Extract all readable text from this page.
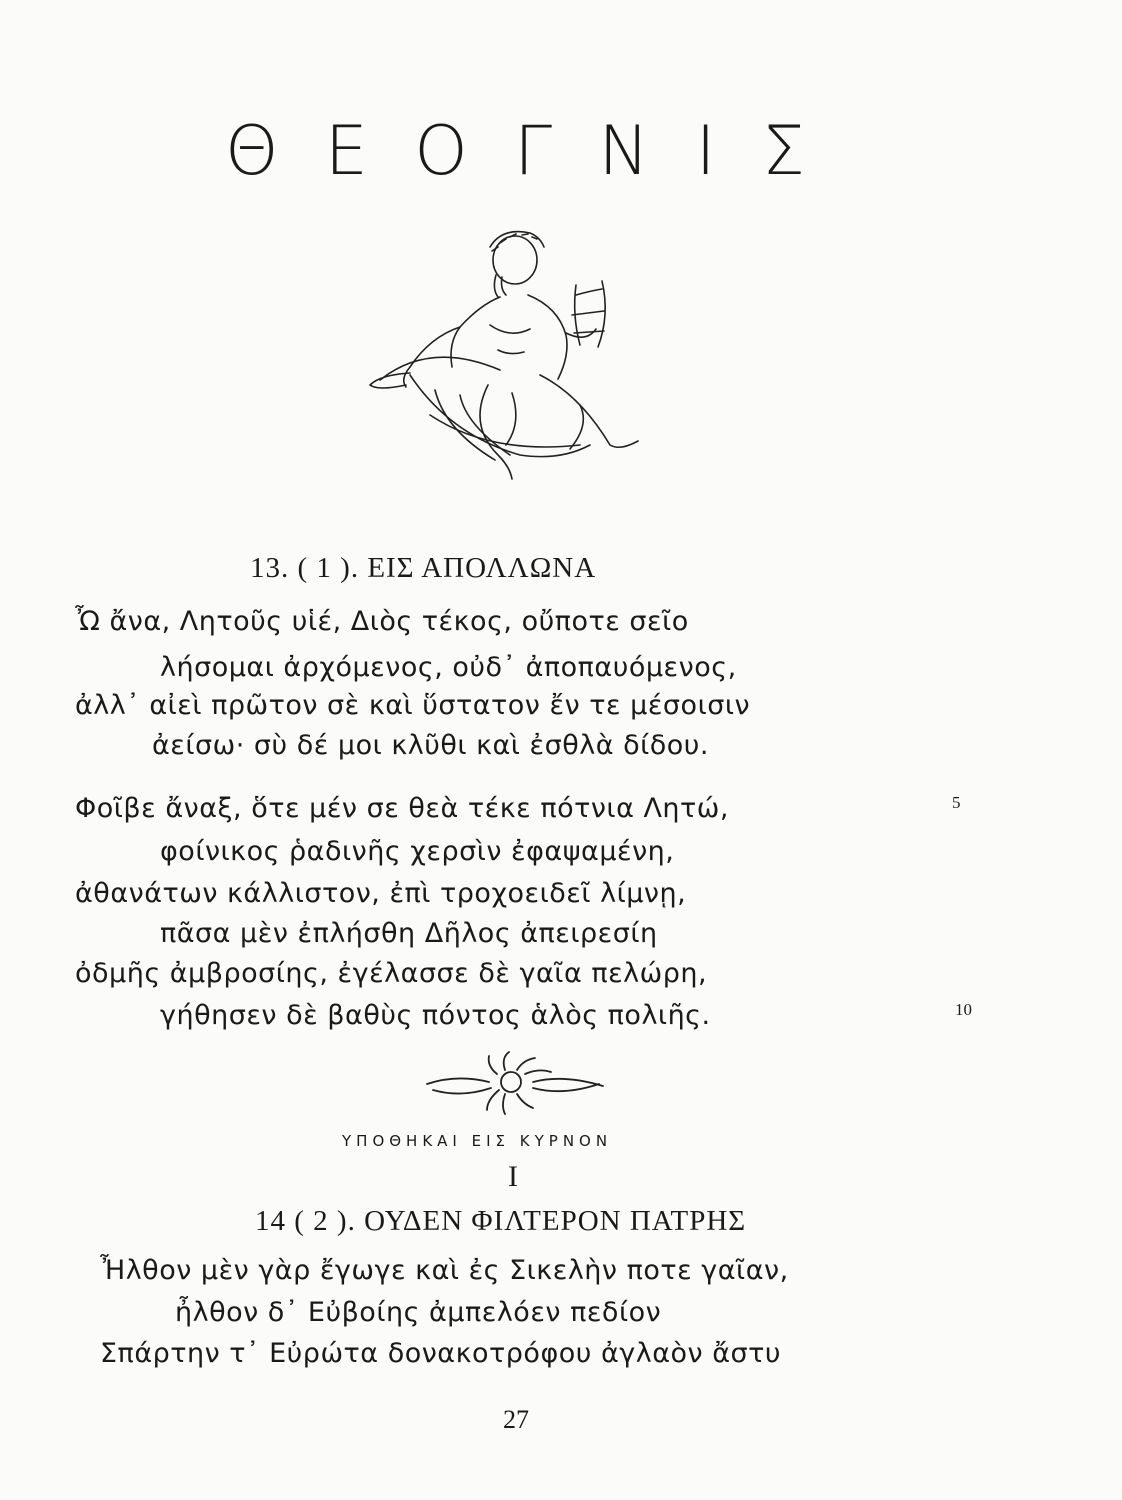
Θ Ε Ο Γ Ν Ι Σ
13. ( 1 ). ΕΙΣ ΑΠΟΛΛΩΝΑ
Ὦ ἄνα, Λητοῦς υἱέ, Διὸς τέκος, οὔποτε σεῖο
λήσομαι ἀρχόμενος, οὐδ᾽ ἀποπαυόμενος,
ἀλλ᾽ αἰεὶ πρῶτον σὲ καὶ ὕστατον ἔν τε μέσοισιν
ἀείσω· σὺ δέ μοι κλῦθι καὶ ἐσθλὰ δίδου.
Φοῖβε ἄναξ, ὅτε μέν σε θεὰ τέκε πότνια Λητώ,
φοίνικος ῥαδινῆς χερσὶν ἐφαψαμένη,
ἀθανάτων κάλλιστον, ἐπὶ τροχοειδεῖ λίμνῃ,
πᾶσα μὲν ἐπλήσθη Δῆλος ἀπειρεσίη
ὀδμῆς ἀμβροσίης, ἐγέλασσε δὲ γαῖα πελώρη,
γήθησεν δὲ βαθὺς πόντος ἁλὸς πολιῆς.
5
10
ΥΠΟΘΗΚΑΙ ΕΙΣ ΚΥΡΝΟΝ
I
14 ( 2 ). ΟΥΔΕΝ ΦΙΛΤΕΡΟΝ ΠΑΤΡΗΣ
Ἦλθον μὲν γὰρ ἔγωγε καὶ ἐς Σικελὴν ποτε γαῖαν,
ἦλθον δ᾽ Εὐβοίης ἀμπελόεν πεδίον
Σπάρτην τ᾽ Εὐρώτα δονακοτρόφου ἀγλαὸν ἄστυ
27
